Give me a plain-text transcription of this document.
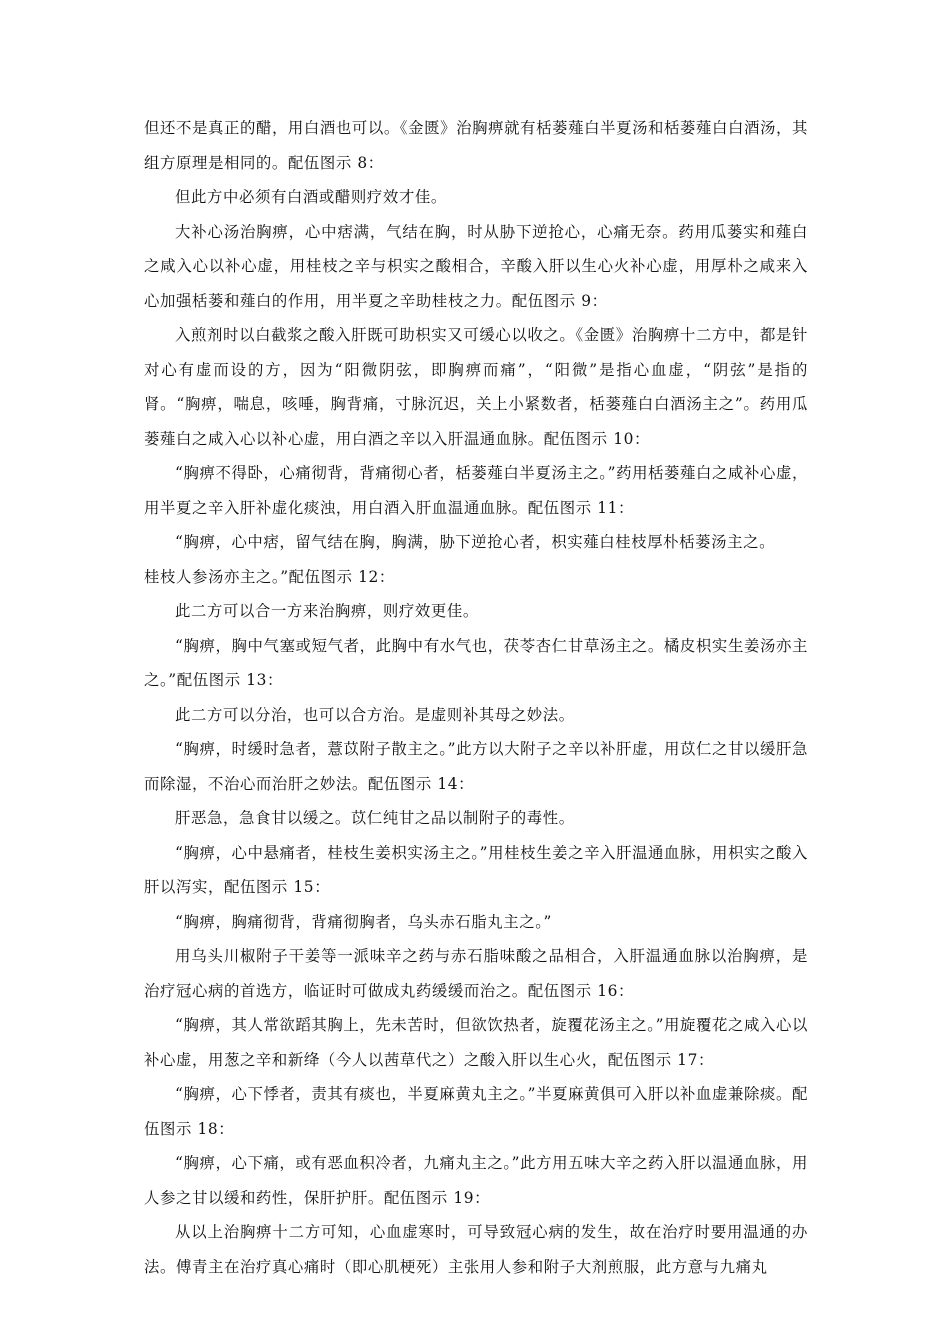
但还不是真正的醋，用白酒也可以。《金匮》治胸痹就有栝蒌薤白半夏汤和栝蒌薤白白酒汤，其组方原理是相同的。配伍图示 8：

但此方中必须有白酒或醋则疗效才佳。

大补心汤治胸痹，心中痞满，气结在胸，时从胁下逆抢心，心痛无奈。药用瓜蒌实和薤白之咸入心以补心虚，用桂枝之辛与枳实之酸相合，辛酸入肝以生心火补心虚，用厚朴之咸来入心加强栝蒌和薤白的作用，用半夏之辛助桂枝之力。配伍图示 9：

入煎剂时以白截浆之酸入肝既可助枳实又可缓心以收之。《金匮》治胸痹十二方中，都是针对心有虚而设的方，因为“阳微阴弦，即胸痹而痛”，“阳微”是指心血虚，“阴弦”是指的肾。“胸痹，喘息，咳唾，胸背痛，寸脉沉迟，关上小紧数者，栝蒌薤白白酒汤主之”。药用瓜蒌薤白之咸入心以补心虚，用白酒之辛以入肝温通血脉。配伍图示 10：

“胸痹不得卧，心痛彻背，背痛彻心者，栝蒌薤白半夏汤主之。”药用栝蒌薤白之咸补心虚，用半夏之辛入肝补虚化痰浊，用白酒入肝血温通血脉。配伍图示 11：

“胸痹，心中痞，留气结在胸，胸满，胁下逆抢心者，枳实薤白桂枝厚朴栝蒌汤主之。

桂枝人参汤亦主之。”配伍图示 12：

此二方可以合一方来治胸痹，则疗效更佳。

“胸痹，胸中气塞或短气者，此胸中有水气也，茯苓杏仁甘草汤主之。橘皮枳实生姜汤亦主之。”配伍图示 13：

此二方可以分治，也可以合方治。是虚则补其母之妙法。

“胸痹，时缓时急者，薏苡附子散主之。”此方以大附子之辛以补肝虚，用苡仁之甘以缓肝急而除湿，不治心而治肝之妙法。配伍图示 14：

肝恶急，急食甘以缓之。苡仁纯甘之品以制附子的毒性。

“胸痹，心中悬痛者，桂枝生姜枳实汤主之。”用桂枝生姜之辛入肝温通血脉，用枳实之酸入肝以泻实，配伍图示 15：

“胸痹，胸痛彻背，背痛彻胸者，乌头赤石脂丸主之。”

用乌头川椒附子干姜等一派味辛之药与赤石脂味酸之品相合，入肝温通血脉以治胸痹，是治疗冠心病的首选方，临证时可做成丸药缓缓而治之。配伍图示 16：

“胸痹，其人常欲蹈其胸上，先未苦时，但欲饮热者，旋覆花汤主之。”用旋覆花之咸入心以补心虚，用葱之辛和新绛（今人以茜草代之）之酸入肝以生心火，配伍图示 17：

“胸痹，心下悸者，责其有痰也，半夏麻黄丸主之。”半夏麻黄俱可入肝以补血虚兼除痰。配伍图示 18：

“胸痹，心下痛，或有恶血积冷者，九痛丸主之。”此方用五味大辛之药入肝以温通血脉，用人参之甘以缓和药性，保肝护肝。配伍图示 19：

从以上治胸痹十二方可知，心血虚寒时，可导致冠心病的发生，故在治疗时要用温通的办法。傅青主在治疗真心痛时（即心肌梗死）主张用人参和附子大剂煎服，此方意与九痛丸
